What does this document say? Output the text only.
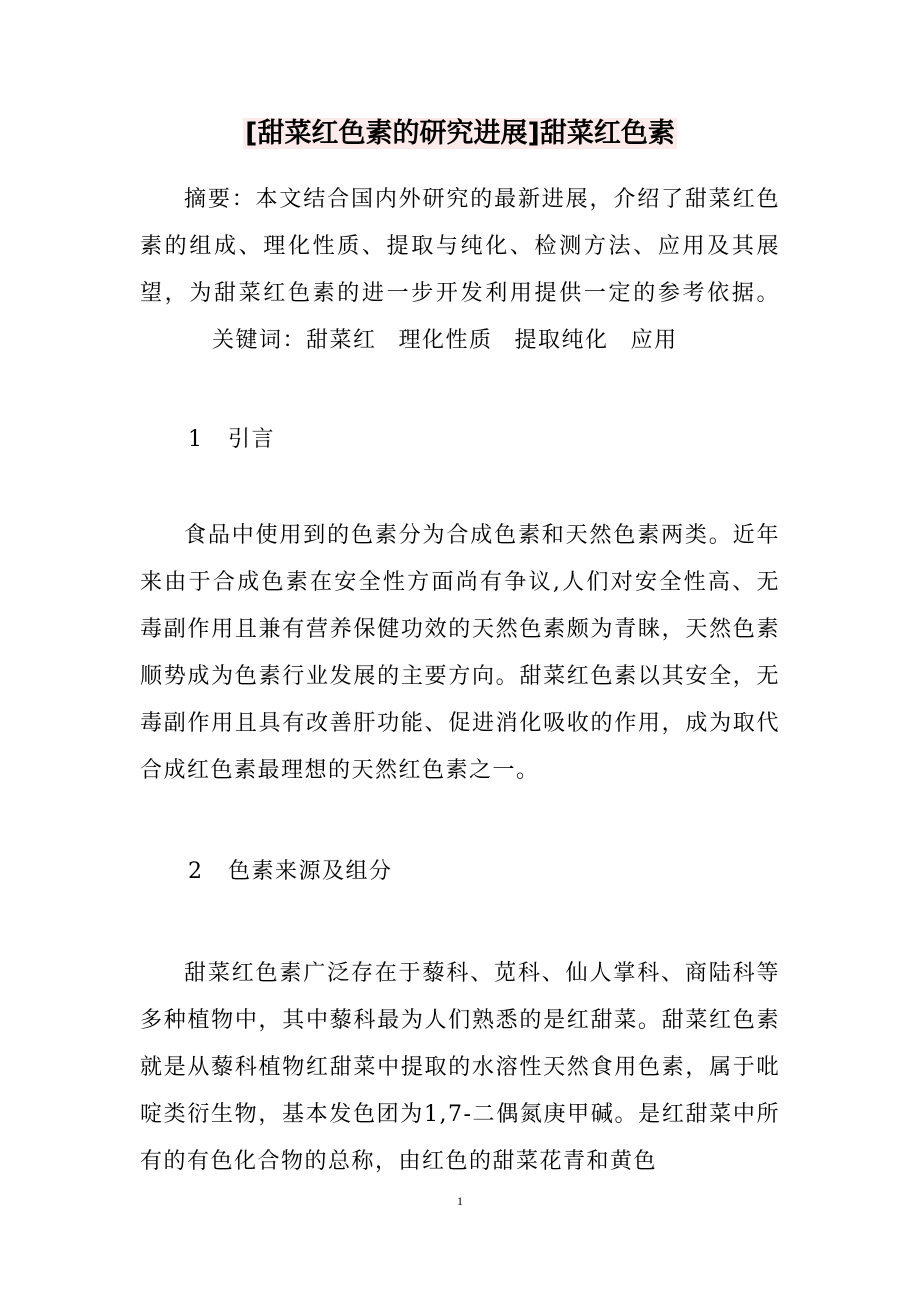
[甜菜红色素的研究进展]甜菜红色素

摘要：本文结合国内外研究的最新进展，介绍了甜菜红色素的组成、理化性质、提取与纯化、检测方法、应用及其展望，为甜菜红色素的进一步开发利用提供一定的参考依据。关键词：甜菜红 理化性质 提取纯化 应用

1 引言

食品中使用到的色素分为合成色素和天然色素两类。近年来由于合成色素在安全性方面尚有争议,人们对安全性高、无毒副作用且兼有营养保健功效的天然色素颇为青睐，天然色素顺势成为色素行业发展的主要方向。甜菜红色素以其安全，无毒副作用且具有改善肝功能、促进消化吸收的作用，成为取代合成红色素最理想的天然红色素之一。

2 色素来源及组分

甜菜红色素广泛存在于藜科、苋科、仙人掌科、商陆科等多种植物中，其中藜科最为人们熟悉的是红甜菜。甜菜红色素就是从藜科植物红甜菜中提取的水溶性天然食用色素，属于吡啶类衍生物，基本发色团为1,7-二偶氮庚甲碱。是红甜菜中所有的有色化合物的总称，由红色的甜菜花青和黄色

1
